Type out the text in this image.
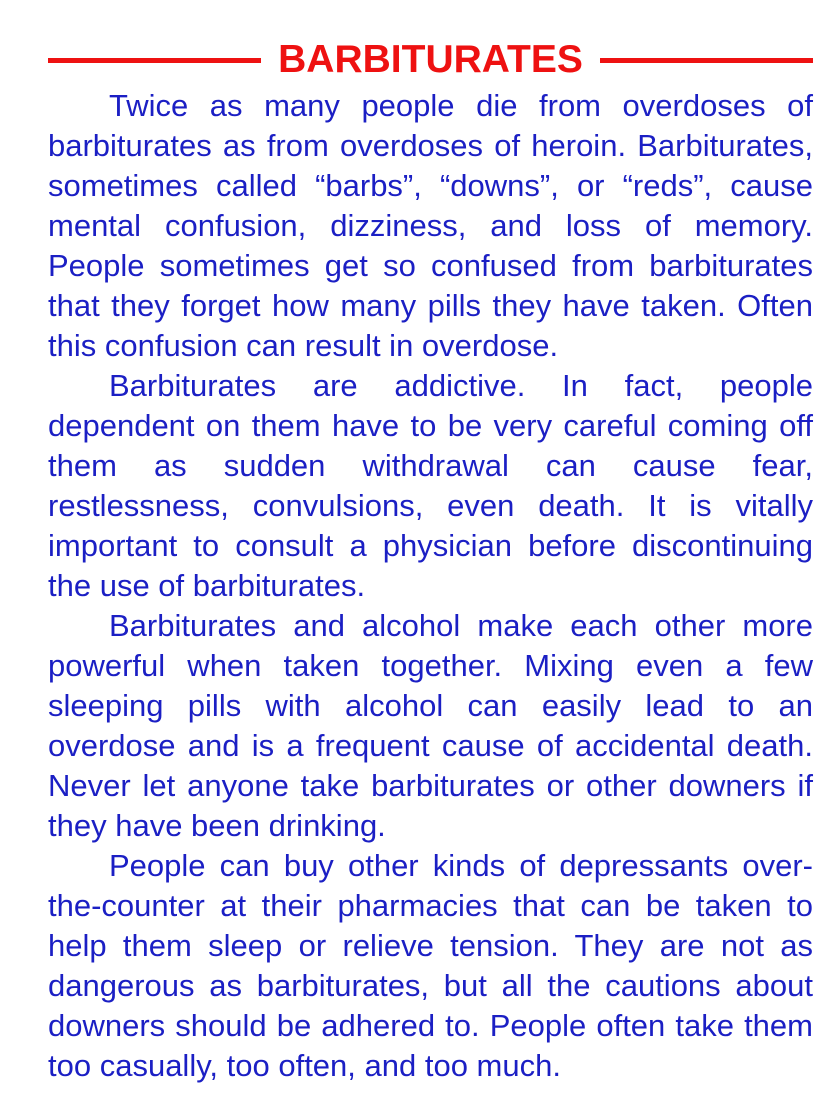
BARBITURATES

Twice as many people die from overdoses of barbiturates as from overdoses of heroin. Barbiturates, sometimes called “barbs”, “downs”, or “reds”, cause mental confusion, dizziness, and loss of memory. People sometimes get so confused from barbiturates that they forget how many pills they have taken. Often this confusion can result in overdose.

Barbiturates are addictive. In fact, people dependent on them have to be very careful coming off them as sudden withdrawal can cause fear, restlessness, convulsions, even death. It is vitally important to consult a physician before discontinuing the use of barbiturates.

Barbiturates and alcohol make each other more powerful when taken together. Mixing even a few sleeping pills with alcohol can easily lead to an overdose and is a frequent cause of accidental death. Never let anyone take barbiturates or other downers if they have been drinking.

People can buy other kinds of depressants over-the-counter at their pharmacies that can be taken to help them sleep or relieve tension. They are not as dangerous as barbiturates, but all the cautions about downers should be adhered to. People often take them too casually, too often, and too much.
